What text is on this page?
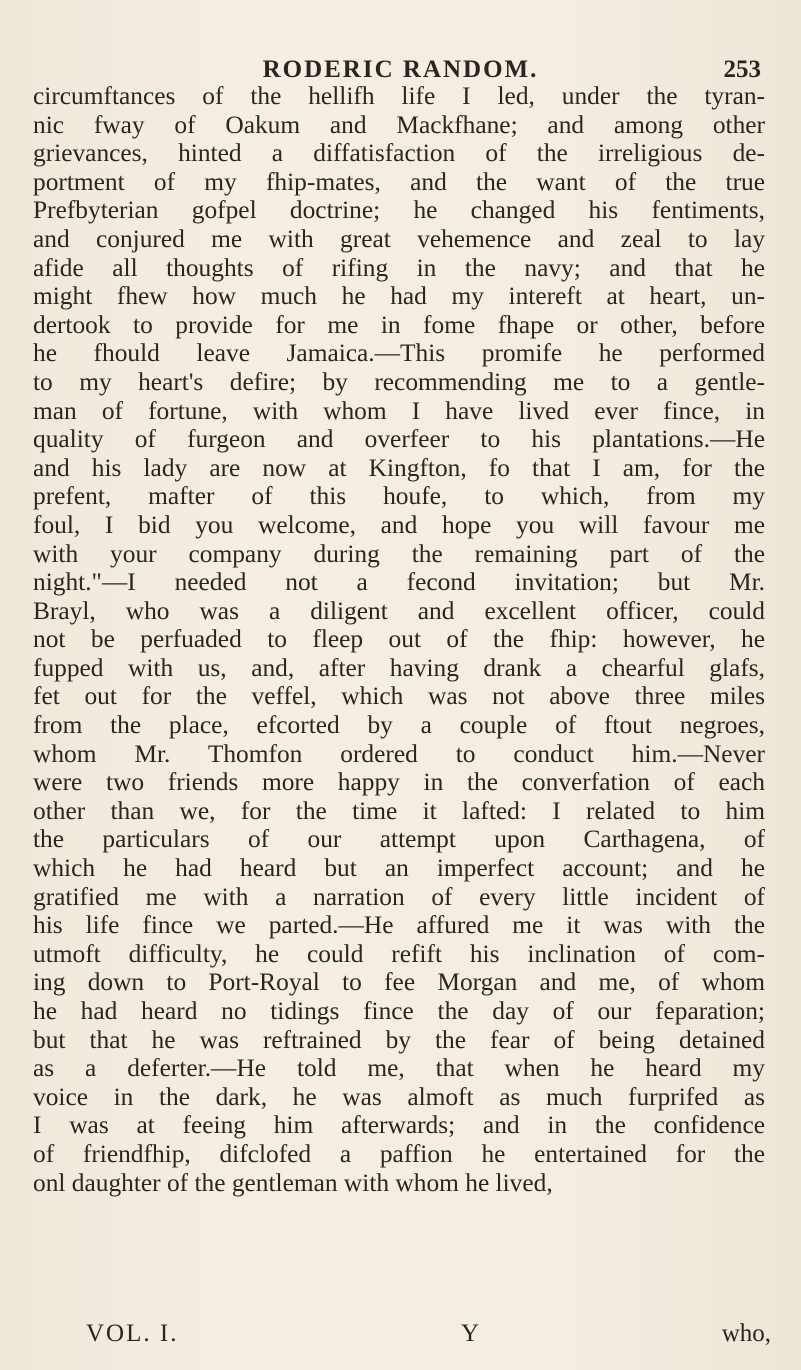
RODERIC RANDOM.	253
circumftances of the hellifh life I led, under the tyran-
nic fway of Oakum and Mackfhane; and among other
grievances, hinted a diffatisfaction of the irreligious de-
portment of my fhip-mates, and the want of the true
Prefbyterian gofpel doctrine; he changed his fentiments,
and conjured me with great vehemence and zeal to lay
afide all thoughts of rifing in the navy; and that he
might fhew how much he had my intereft at heart, un-
dertook to provide for me in fome fhape or other, before
he fhould leave Jamaica.—This promife he performed
to my heart's defire; by recommending me to a gentle-
man of fortune, with whom I have lived ever fince, in
quality of furgeon and overfeer to his plantations.—He
and his lady are now at Kingfton, fo that I am, for the
prefent, mafter of this houfe, to which, from my
foul, I bid you welcome, and hope you will favour me
with your company during the remaining part of the
night."—I needed not a fecond invitation; but Mr.
Brayl, who was a diligent and excellent officer, could
not be perfuaded to fleep out of the fhip: however, he
fupped with us, and, after having drank a chearful glafs,
fet out for the veffel, which was not above three miles
from the place, efcorted by a couple of ftout negroes,
whom Mr. Thomfon ordered to conduct him.—Never
were two friends more happy in the converfation of each
other than we, for the time it lafted: I related to him
the particulars of our attempt upon Carthagena, of
which he had heard but an imperfect account; and he
gratified me with a narration of every little incident of
his life fince we parted.—He affured me it was with the
utmoft difficulty, he could refift his inclination of com-
ing down to Port-Royal to fee Morgan and me, of whom
he had heard no tidings fince the day of our feparation;
but that he was reftrained by the fear of being detained
as a deferter.—He told me, that when he heard my
voice in the dark, he was almoft as much furprifed as
I was at feeing him afterwards; and in the confidence
of friendfhip, difclofed a paffion he entertained for the
onl daughter of the gentleman with whom he lived,
VOL. I.	Y	who,
